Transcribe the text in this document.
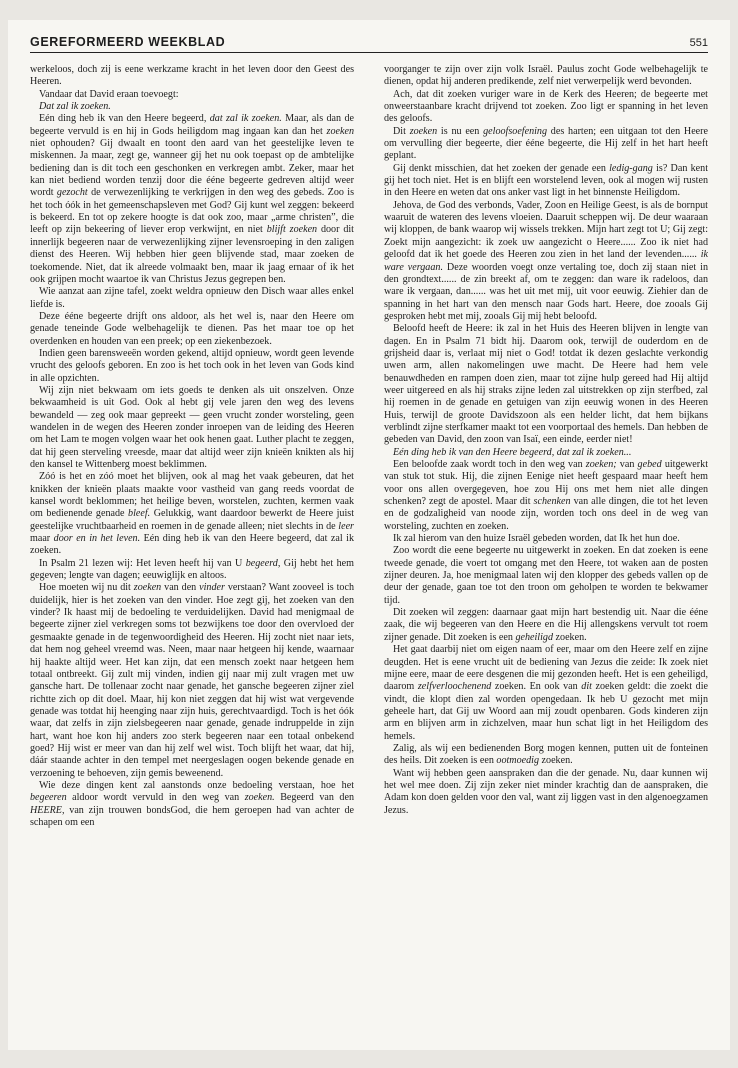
GEREFORMEERD WEEKBLAD	551

werkeloos, doch zij is eene werkzame kracht in het leven door den Geest des Heeren.

Vandaar dat David eraan toevoegt:

Dat zal ik zoeken.

Eén ding heb ik van den Heere begeerd, dat zal ik zoeken. Maar, als dan de begeerte vervuld is en hij in Gods heiligdom mag ingaan kan dan het zoeken niet ophouden? Gij dwaalt en toont den aard van het geestelijke leven te miskennen. Ja maar, zegt ge, wanneer gij het nu ook toepast op de ambtelijke bediening dan is dit toch een geschonken en verkregen ambt. Zeker, maar het kan niet bediend worden tenzij door die ééne begeerte gedreven altijd weer wordt gezocht de verwezenlijking te verkrijgen in den weg des gebeds. Zoo is het toch óók in het gemeenschapsleven met God? Gij kunt wel zeggen: bekeerd is bekeerd. En tot op zekere hoogte is dat ook zoo, maar „arme christen”, die leeft op zijn bekeering of liever erop verkwijnt, en niet blijft zoeken door dit innerlijk begeeren naar de verwezenlijking zijner levensroeping in den zaligen dienst des Heeren. Wij hebben hier geen blijvende stad, maar zoeken de toekomende. Niet, dat ik alreede volmaakt ben, maar ik jaag ernaar of ik het ook grijpen mocht waartoe ik van Christus Jezus gegrepen ben.

Wie aanzat aan zijne tafel, zoekt weldra opnieuw den Disch waar alles enkel liefde is.

Deze ééne begeerte drijft ons aldoor, als het wel is, naar den Heere om genade teneinde Gode welbehagelijk te dienen. Pas het maar toe op het overdenken en houden van een preek; op een ziekenbezoek.

Indien geen barensweeën worden gekend, altijd opnieuw, wordt geen levende vrucht des geloofs geboren. En zoo is het toch ook in het leven van Gods kind in alle opzichten.

Wij zijn niet bekwaam om iets goeds te denken als uit onszelven. Onze bekwaamheid is uit God. Ook al hebt gij vele jaren den weg des levens bewandeld — zeg ook maar gepreekt — geen vrucht zonder worsteling, geen wandelen in de wegen des Heeren zonder inroepen van de leiding des Heeren om het Lam te mogen volgen waar het ook henen gaat. Luther placht te zeggen, dat hij geen sterveling vreesde, maar dat altijd weer zijn knieën knikten als hij den kansel te Wittenberg moest beklimmen.

Zóó is het en zóó moet het blijven, ook al mag het vaak gebeuren, dat het knikken der knieën plaats maakte voor vastheid van gang reeds voordat de kansel wordt beklommen; het heilige beven, worstelen, zuchten, kermen vaak om bedienende genade bleef. Gelukkig, want daardoor bewerkt de Heere juist geestelijke vruchtbaarheid en roemen in de genade alleen; niet slechts in de leer maar door en in het leven. Eén ding heb ik van den Heere begeerd, dat zal ik zoeken.

In Psalm 21 lezen wij: Het leven heeft hij van U begeerd, Gij hebt het hem gegeven; lengte van dagen; eeuwiglijk en altoos.

Hoe moeten wij nu dit zoeken van den vinder verstaan? Want zooveel is toch duidelijk, hier is het zoeken van den vinder. Hoe zegt gij, het zoeken van den vinder? Ik haast mij de bedoeling te verduidelijken. David had menigmaal de begeerte zijner ziel verkregen soms tot bezwijkens toe door den overvloed der gesmaakte genade in de tegenwoordigheid des Heeren. Hij zocht niet naar iets, dat hem nog geheel vreemd was. Neen, maar naar hetgeen hij kende, waarnaar hij haakte altijd weer. Het kan zijn, dat een mensch zoekt naar hetgeen hem totaal ontbreekt. Gij zult mij vinden, indien gij naar mij zult vragen met uw gansche hart. De tollenaar zocht naar genade, het gansche begeeren zijner ziel richtte zich op dit doel. Maar, hij kon niet zeggen dat hij wist wat vergevende genade was totdat hij heenging naar zijn huis, gerechtvaardigd. Toch is het óók waar, dat zelfs in zijn zielsbegeeren naar genade, genade indruppelde in zijn hart, want hoe kon hij anders zoo sterk begeeren naar een totaal onbekend goed? Hij wist er meer van dan hij zelf wel wist. Toch blijft het waar, dat hij, dáár staande achter in den tempel met neergeslagen oogen bekende genade en verzoening te behoeven, zijn gemis beweenend.

Wie deze dingen kent zal aanstonds onze bedoeling verstaan, hoe het begeeren aldoor wordt vervuld in den weg van zoeken. Begeerd van den HEERE, van zijn trouwen bondsGod, die hem geroepen had van achter de schapen om een

voorganger te zijn over zijn volk Israël. Paulus zocht Gode welbehagelijk te dienen, opdat hij anderen predikende, zelf niet verwerpelijk werd bevonden.

Ach, dat dit zoeken vuriger ware in de Kerk des Heeren; de begeerte met onweerstaanbare kracht drijvend tot zoeken. Zoo ligt er spanning in het leven des geloofs.

Dit zoeken is nu een geloofsoefening des harten; een uitgaan tot den Heere om vervulling dier begeerte, dier ééne begeerte, die Hij zelf in het hart heeft geplant.

Gij denkt misschien, dat het zoeken der genade een ledig-gang is? Dan kent gij het toch niet. Het is en blijft een worstelend leven, ook al mogen wij rusten in den Heere en weten dat ons anker vast ligt in het binnenste Heiligdom.

Jehova, de God des verbonds, Vader, Zoon en Heilige Geest, is als de bornput waaruit de wateren des levens vloeien. Daaruit scheppen wij. De deur waaraan wij kloppen, de bank waarop wij wissels trekken. Mijn hart zegt tot U; Gij zegt: Zoekt mijn aangezicht: ik zoek uw aangezicht o Heere...... Zoo ik niet had geloofd dat ik het goede des Heeren zou zien in het land der levenden...... ik ware vergaan. Deze woorden voegt onze vertaling toe, doch zij staan niet in den grondtext...... de zin breekt af, om te zeggen: dan ware ik radeloos, dan ware ik vergaan, dan...... was het uit met mij, uit voor eeuwig. Ziehier dan de spanning in het hart van den mensch naar Gods hart. Heere, doe zooals Gij gesproken hebt met mij, zooals Gij mij hebt beloofd.

Beloofd heeft de Heere: ik zal in het Huis des Heeren blijven in lengte van dagen. En in Psalm 71 bidt hij. Daarom ook, terwijl de ouderdom en de grijsheid daar is, verlaat mij niet o God! totdat ik dezen geslachte verkondig uwen arm, allen nakomelingen uwe macht. De Heere had hem vele benauwdheden en rampen doen zien, maar tot zijne hulp gereed had Hij altijd weer uitgereed en als hij straks zijne leden zal uitstrekken op zijn sterfbed, zal hij roemen in de genade en getuigen van zijn eeuwig wonen in des Heeren Huis, terwijl de groote Davidszoon als een helder licht, dat hem bijkans verblindt zijne sterfkamer maakt tot een voorportaal des hemels. Dan hebben de gebeden van David, den zoon van Isaï, een einde, eerder niet!

Eén ding heb ik van den Heere begeerd, dat zal ik zoeken...

Een beloofde zaak wordt toch in den weg van zoeken; van gebed uitgewerkt van stuk tot stuk. Hij, die zijnen Eenige niet heeft gespaard maar heeft hem voor ons allen overgegeven, hoe zou Hij ons met hem niet alle dingen schenken? zegt de apostel. Maar dit schenken van alle dingen, die tot het leven en de godzaligheid van noode zijn, worden toch ons deel in de weg van worsteling, zuchten en zoeken.

Ik zal hierom van den huize Israël gebeden worden, dat Ik het hun doe.

Zoo wordt die eene begeerte nu uitgewerkt in zoeken. En dat zoeken is eene tweede genade, die voert tot omgang met den Heere, tot waken aan de posten zijner deuren. Ja, hoe menigmaal laten wij den klopper des gebeds vallen op de deur der genade, gaan toe tot den troon om geholpen te worden te bekwamer tijd.

Dit zoeken wil zeggen: daarnaar gaat mijn hart bestendig uit. Naar die ééne zaak, die wij begeeren van den Heere en die Hij allengskens vervult tot roem zijner genade. Dit zoeken is een geheiligd zoeken.

Het gaat daarbij niet om eigen naam of eer, maar om den Heere zelf en zijne deugden. Het is eene vrucht uit de bediening van Jezus die zeide: Ik zoek niet mijne eere, maar de eere desgenen die mij gezonden heeft. Het is een geheiligd, daarom zelfverloochenend zoeken. En ook van dit zoeken geldt: die zoekt die vindt, die klopt dien zal worden opengedaan. Ik heb U gezocht met mijn geheele hart, dat Gij uw Woord aan mij zoudt openbaren. Gods kinderen zijn arm en blijven arm in zichzelven, maar hun schat ligt in het Heiligdom des hemels.

Zalig, als wij een bedienenden Borg mogen kennen, putten uit de fonteinen des heils. Dit zoeken is een ootmoedig zoeken.

Want wij hebben geen aanspraken dan die der genade. Nu, daar kunnen wij het wel mee doen. Zij zijn zeker niet minder krachtig dan de aanspraken, die Adam kon doen gelden voor den val, want zij liggen vast in den algenoegzamen Jezus.
